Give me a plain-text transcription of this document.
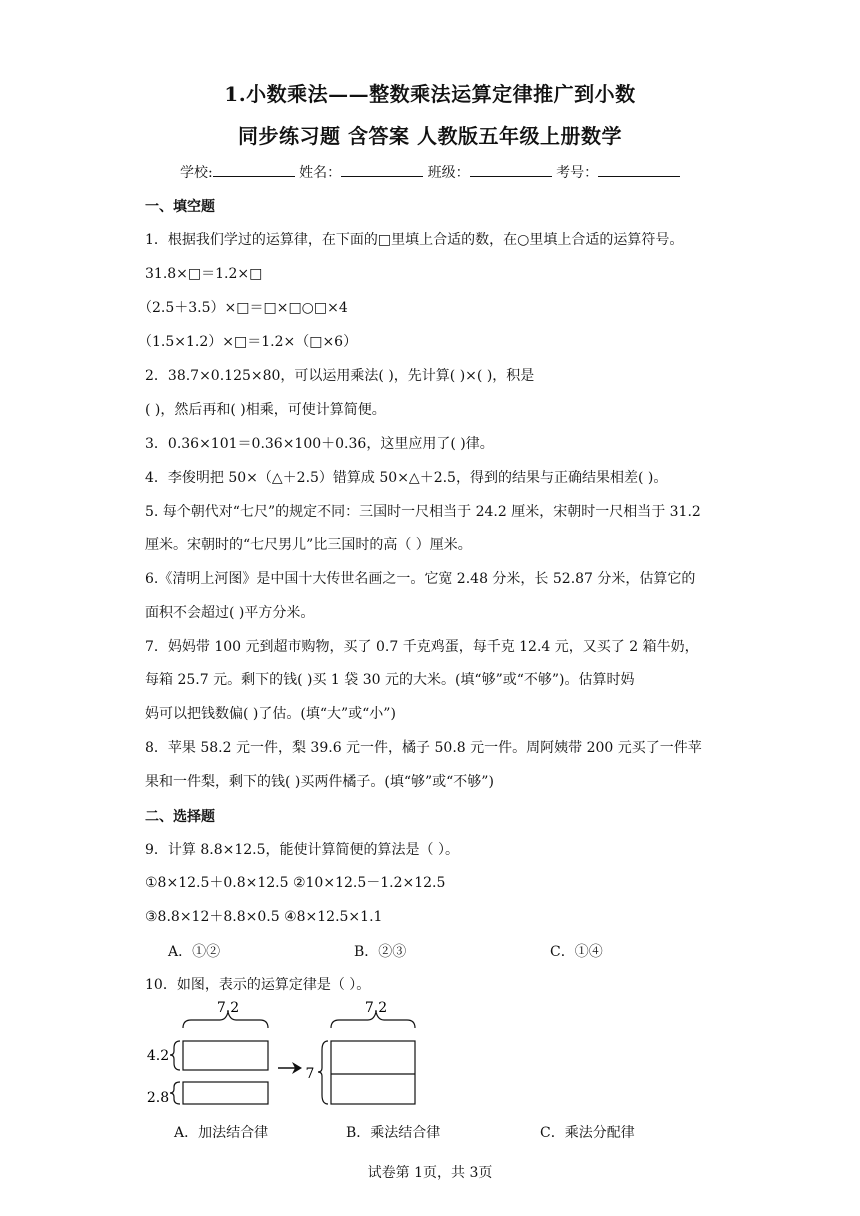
1.小数乘法——整数乘法运算定律推广到小数
同步练习题 含答案 人教版五年级上册数学
学校:	姓名：	班级：	考号：
一、填空题
1．根据我们学过的运算律，在下面的□里填上合适的数，在○里填上合适的运算符号。
31.8×□＝1.2×□
（2.5＋3.5）×□＝□×□○□×4
（1.5×1.2）×□＝1.2×（□×6）
2．38.7×0.125×80，可以运用乘法( )，先计算( )×( )，积是
( )，然后再和( )相乘，可使计算简便。
3．0.36×101＝0.36×100＋0.36，这里应用了( )律。
4．李俊明把 50×（△＋2.5）错算成 50×△＋2.5，得到的结果与正确结果相差( )。
5. 每个朝代对“七尺”的规定不同：三国时一尺相当于 24.2 厘米，宋朝时一尺相当于 31.2
厘米。宋朝时的“七尺男儿”比三国时的高（ ）厘米。
6.《清明上河图》是中国十大传世名画之一。它宽 2.48 分米，长 52.87 分米，估算它的
面积不会超过( )平方分米。
7．妈妈带 100 元到超市购物，买了 0.7 千克鸡蛋，每千克 12.4 元，又买了 2 箱牛奶，
每箱 25.7 元。剩下的钱( )买 1 袋 30 元的大米。(填“够”或“不够”)。估算时妈
妈可以把钱数偏( )了估。(填“大”或“小”)
8．苹果 58.2 元一件，梨 39.6 元一件，橘子 50.8 元一件。周阿姨带 200 元买了一件苹
果和一件梨，剩下的钱( )买两件橘子。(填“够”或“不够”)
二、选择题
9．计算 8.8×12.5，能使计算简便的算法是（ ）。
①8×12.5＋0.8×12.5 ②10×12.5－1.2×12.5
③8.8×12＋8.8×0.5 ④8×12.5×1.1
A．①②	B．②③	C．①④
10．如图，表示的运算定律是（ ）。
7.2
4.2
2.8
7.2
7
A．加法结合律	B．乘法结合律	C．乘法分配律
试卷第 1页，共 3页
